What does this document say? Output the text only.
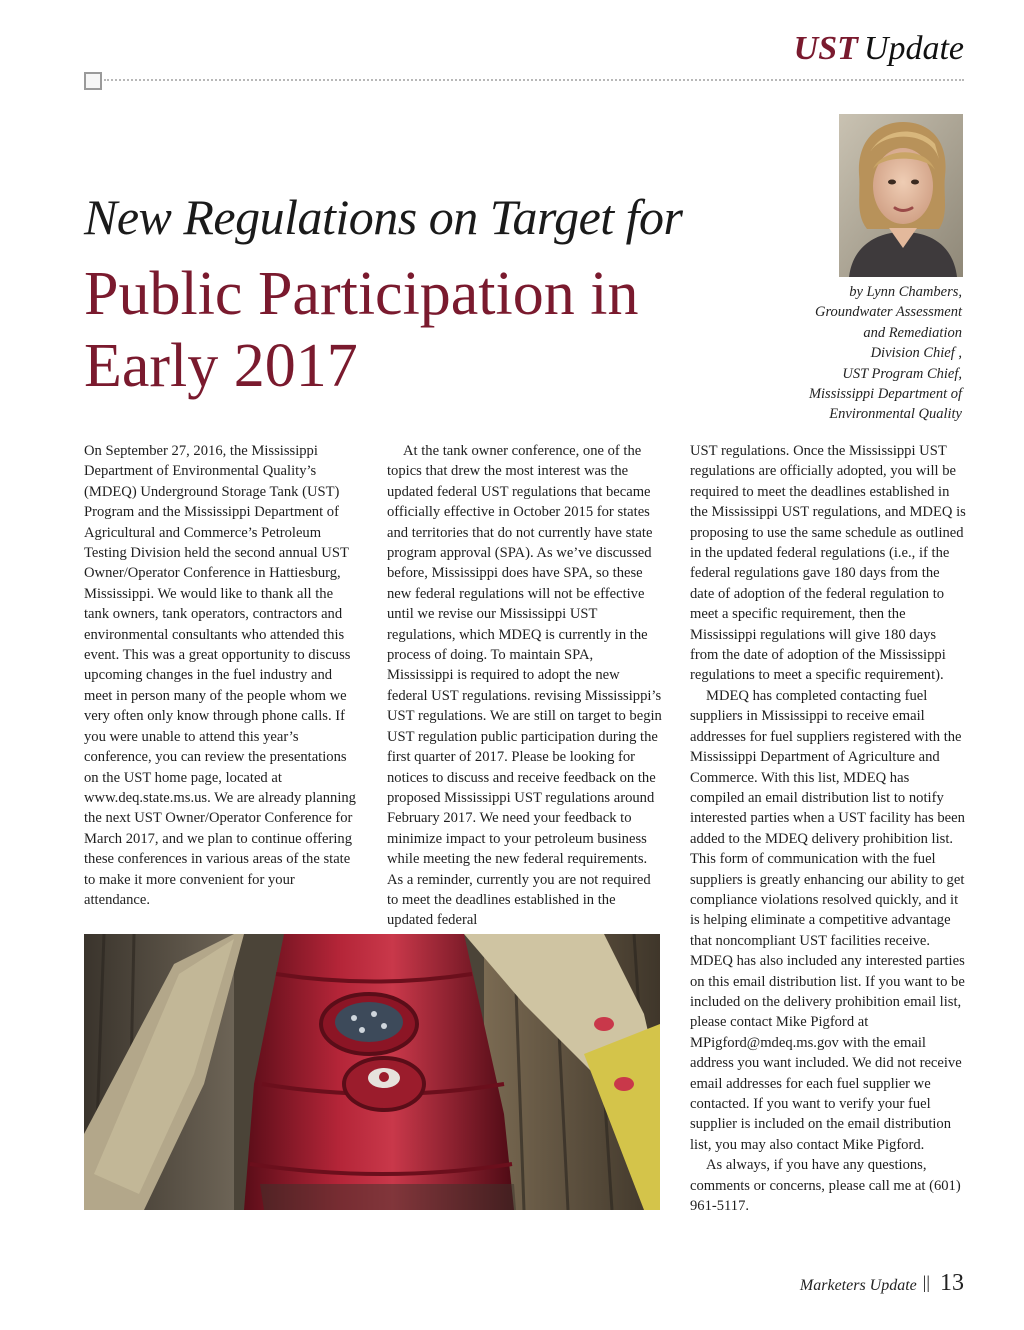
UST Update
New Regulations on Target for
Public Participation in Early 2017
by Lynn Chambers,
Groundwater Assessment
and Remediation
Division Chief ,
UST Program Chief,
Mississippi Department of
Environmental Quality

On September 27, 2016, the Mississippi Department of Environmental Quality’s (MDEQ) Underground Storage Tank (UST) Program and the Mississippi Department of Agricultural and Commerce’s Petroleum Testing Division held the second annual UST Owner/Operator Conference in Hattiesburg, Mississippi. We would like to thank all the tank owners, tank operators, contractors and environmental consultants who attended this event. This was a great opportunity to discuss upcoming changes in the fuel industry and meet in person many of the people whom we very often only know through phone calls. If you were unable to attend this year’s conference, you can review the presentations on the UST home page, located at www.deq.state.ms.us. We are already planning the next UST Owner/Operator Conference for March 2017, and we plan to continue offering these conferences in various areas of the state to make it more convenient for your attendance.

At the tank owner conference, one of the topics that drew the most interest was the updated federal UST regulations that became officially effective in October 2015 for states and territories that do not currently have state program approval (SPA). As we’ve discussed before, Mississippi does have SPA, so these new federal regulations will not be effective until we revise our Mississippi UST regulations, which MDEQ is currently in the process of doing. To maintain SPA, Mississippi is required to adopt the new federal UST regulations. revising Mississippi’s UST regulations. We are still on target to begin UST regulation public participation during the first quarter of 2017. Please be looking for notices to discuss and receive feedback on the proposed Mississippi UST regulations around February 2017. We need your feedback to minimize impact to your petroleum business while meeting the new federal requirements. As a reminder, currently you are not required to meet the deadlines established in the updated federal

UST regulations. Once the Mississippi UST regulations are officially adopted, you will be required to meet the deadlines established in the Mississippi UST regulations, and MDEQ is proposing to use the same schedule as outlined in the updated federal regulations (i.e., if the federal regulations gave 180 days from the date of adoption of the federal regulation to meet a specific requirement, then the Mississippi regulations will give 180 days from the date of adoption of the Mississippi regulations to meet a specific requirement).

MDEQ has completed contacting fuel suppliers in Mississippi to receive email addresses for fuel suppliers registered with the Mississippi Department of Agriculture and Commerce. With this list, MDEQ has compiled an email distribution list to notify interested parties when a UST facility has been added to the MDEQ delivery prohibition list. This form of communication with the fuel suppliers is greatly enhancing our ability to get compliance violations resolved quickly, and it is helping eliminate a competitive advantage that noncompliant UST facilities receive. MDEQ has also included any interested parties on this email distribution list. If you want to be included on the delivery prohibition email list, please contact Mike Pigford at MPigford@mdeq.ms.gov with the email address you want included. We did not receive email addresses for each fuel supplier we contacted. If you want to verify your fuel supplier is included on the email distribution list, you may also contact Mike Pigford.

As always, if you have any questions, comments or concerns, please call me at (601) 961-5117.

Marketers Update || 13
